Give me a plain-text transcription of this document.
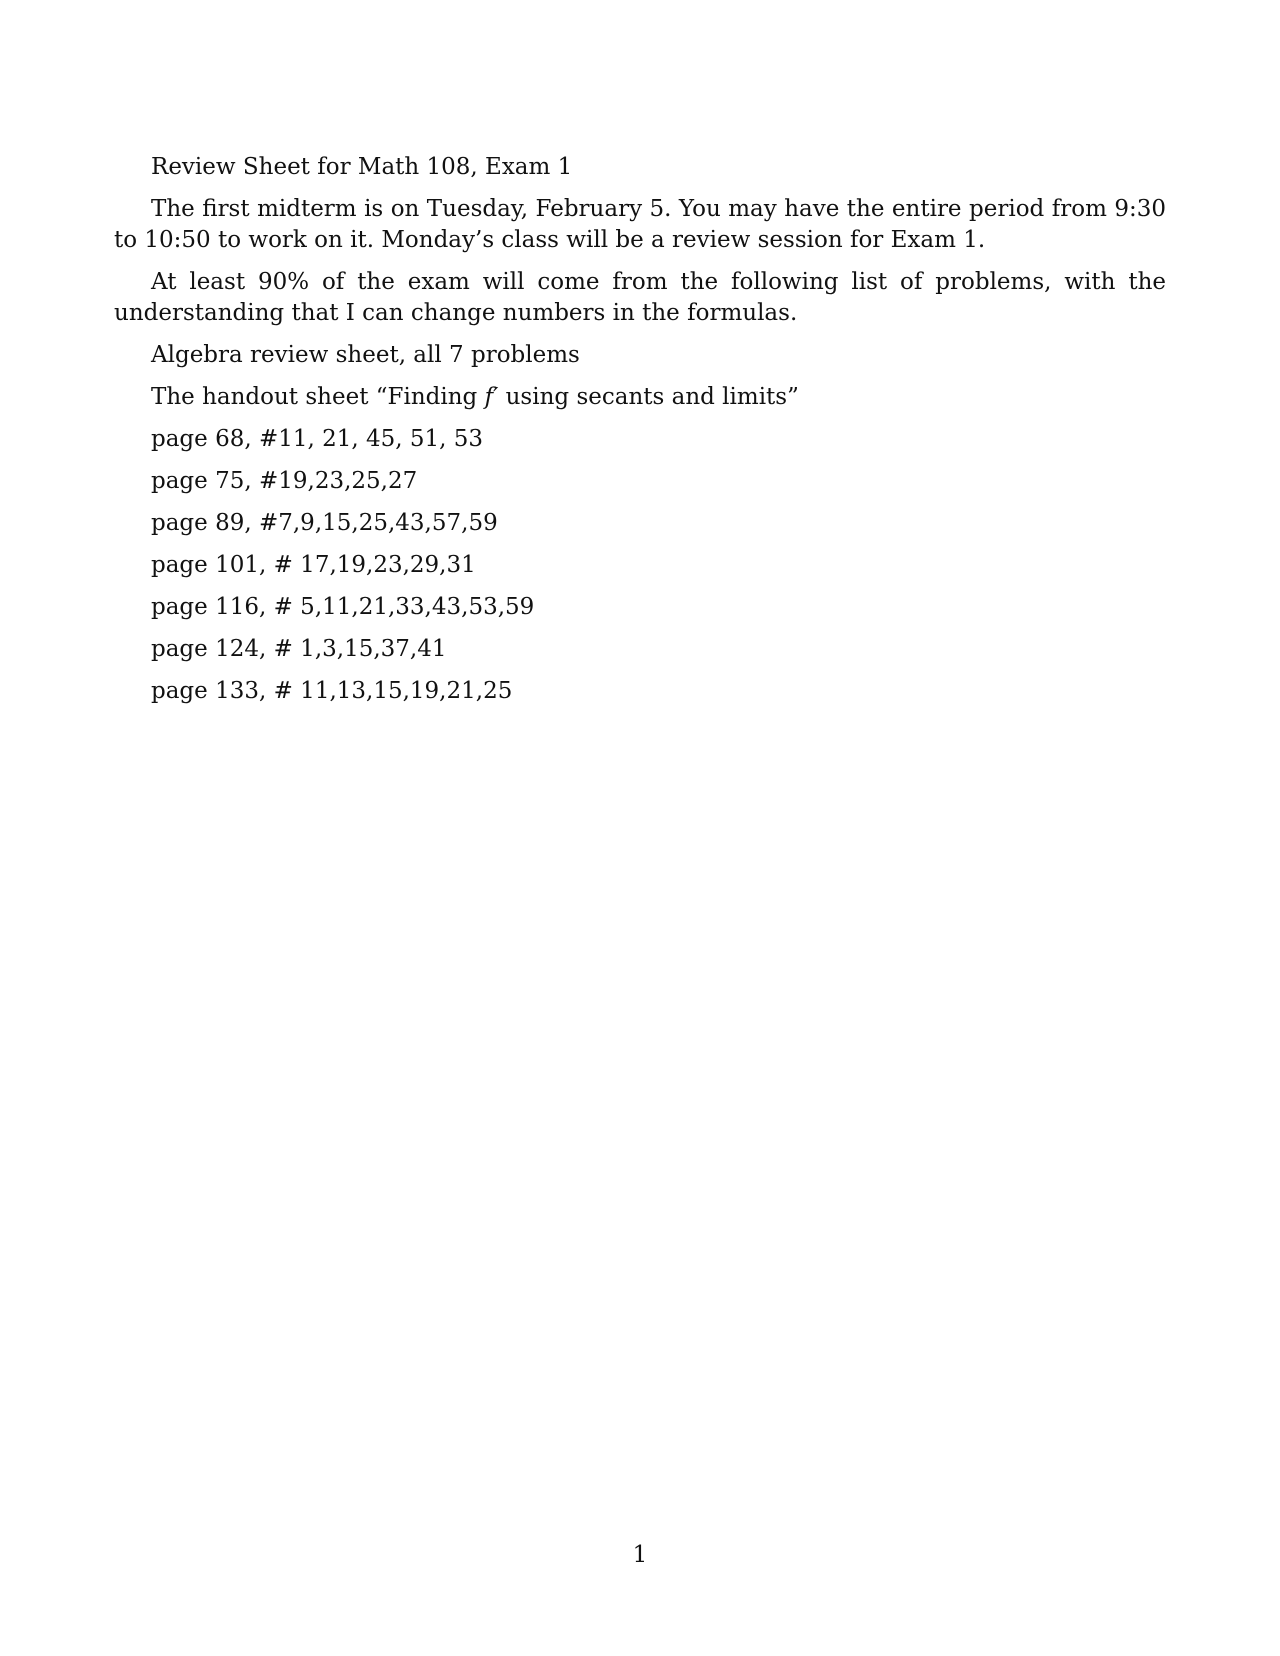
Review Sheet for Math 108, Exam 1

The first midterm is on Tuesday, February 5. You may have the entire period from 9:30 to 10:50 to work on it. Monday’s class will be a review session for Exam 1.

At least 90% of the exam will come from the following list of problems, with the understanding that I can change numbers in the formulas.

Algebra review sheet, all 7 problems

The handout sheet “Finding f′ using secants and limits”

page 68, #11, 21, 45, 51, 53

page 75, #19,23,25,27

page 89, #7,9,15,25,43,57,59

page 101, # 17,19,23,29,31

page 116, # 5,11,21,33,43,53,59

page 124, # 1,3,15,37,41

page 133, # 11,13,15,19,21,25

1
